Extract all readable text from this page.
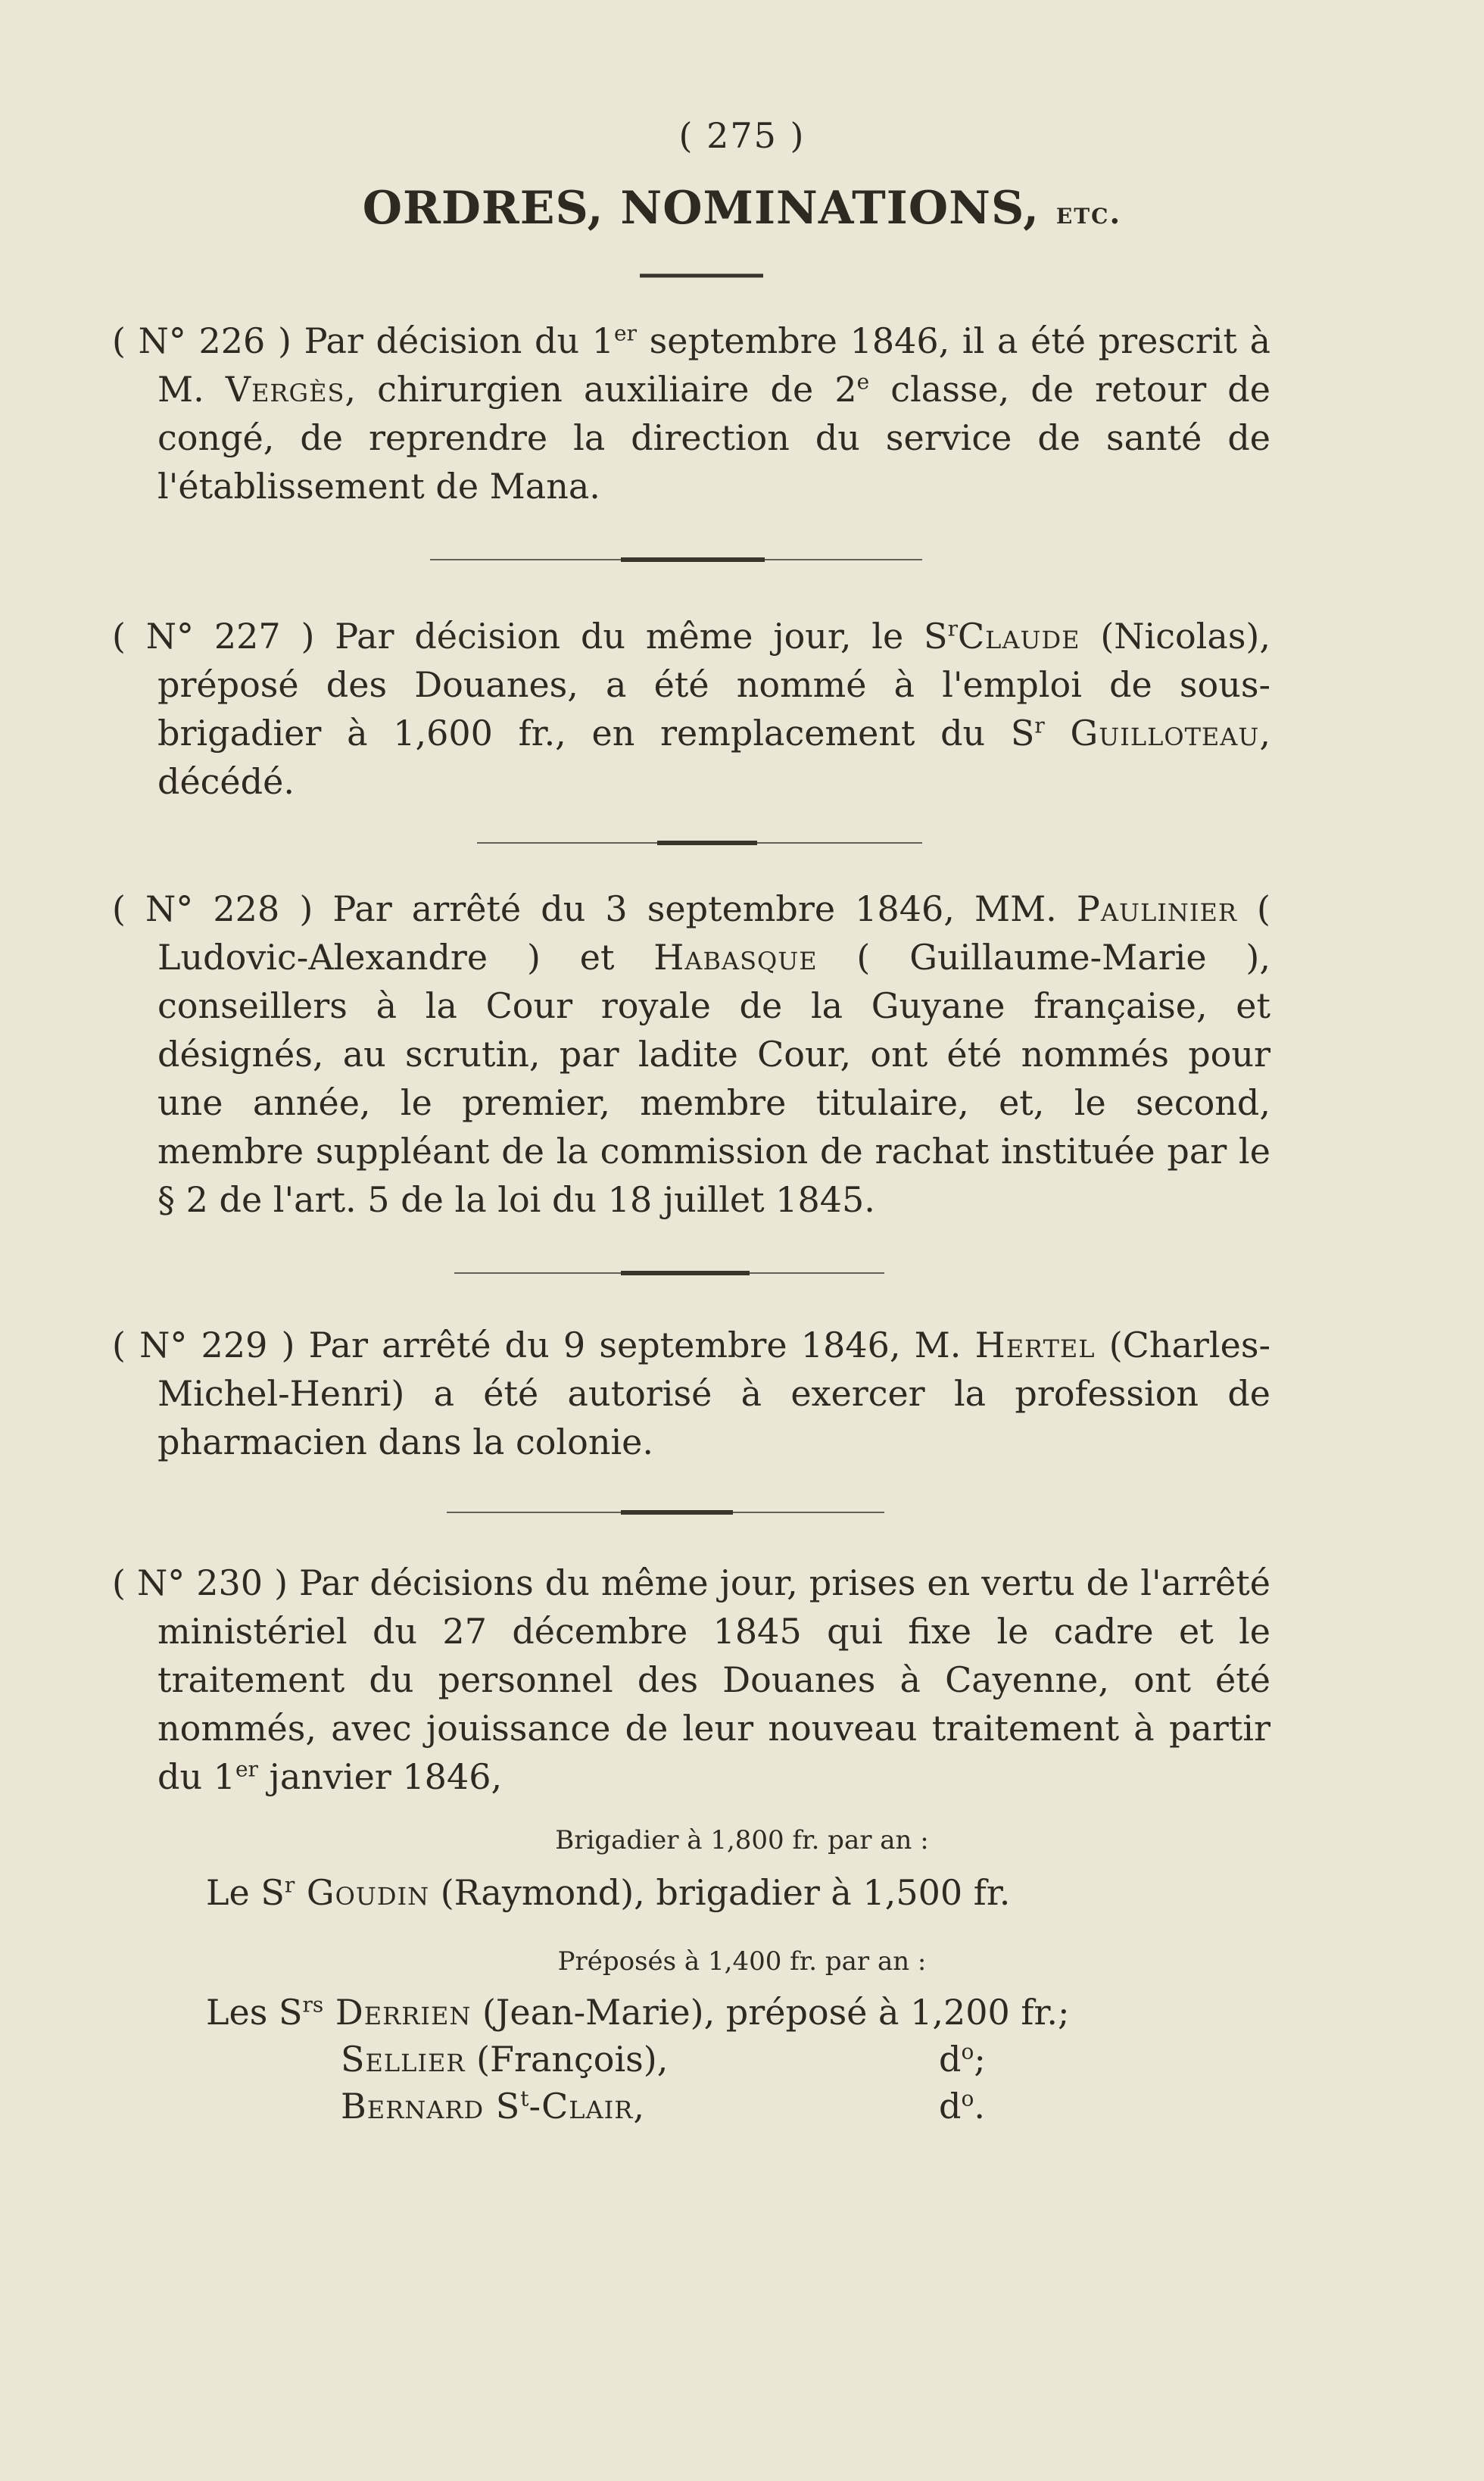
( 275 )
ORDRES, NOMINATIONS, etc.

( N° 226 ) Par décision du 1er septembre 1846, il a été prescrit à M. Vergès, chirurgien auxiliaire de 2e classe, de retour de congé, de reprendre la direction du service de santé de l'établissement de Mana.

( N° 227 ) Par décision du même jour, le $S^rClaude$ (Nicolas), préposé des Douanes, a été nommé à l'emploi de sous-brigadier à 1,600 fr., en remplacement du $S^r$ Guilloteau, décédé.

( N° 228 ) Par arrêté du 3 septembre 1846, MM. Paulinier ( Ludovic-Alexandre ) et Habasque ( Guillaume-Marie ), conseillers à la Cour royale de la Guyane française, et désignés, au scrutin, par ladite Cour, ont été nommés pour une année, le premier, membre titulaire, et, le second, membre suppléant de la commission de rachat instituée par le § 2 de l'art. 5 de la loi du 18 juillet 1845.

( N° 229 ) Par arrêté du 9 septembre 1846, M. Hertel (Charles-Michel-Henri) a été autorisé à exercer la profession de pharmacien dans la colonie.

( N° 230 ) Par décisions du même jour, prises en vertu de l'arrêté ministériel du 27 décembre 1845 qui fixe le cadre et le traitement du personnel des Douanes à Cayenne, ont été nommés, avec jouissance de leur nouveau traitement à partir du 1er janvier 1846,

Brigadier à 1,800 fr. par an :
Le $S^r$ Goudin (Raymond), brigadier à 1,500 fr.
Préposés à 1,400 fr. par an :
Les $S^{rs}$ Derrien (Jean-Marie), préposé à 1,200 fr.;
Sellier (François),	$d^o$;
Bernard $S^t$-Clair,	$d^o$.
